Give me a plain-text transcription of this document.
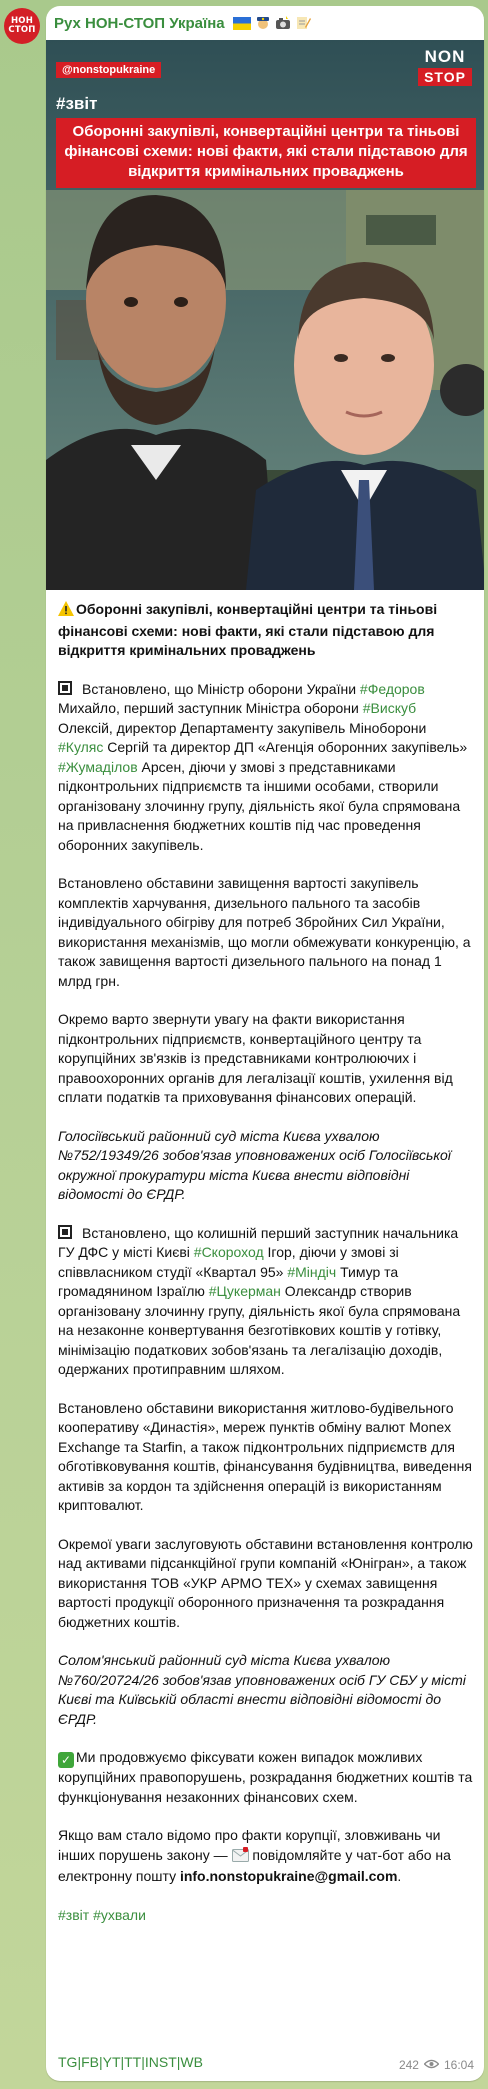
НОН
СТОП Рух НОН-СТОП Україна
@nonstopukraine
#звіт
NON
STOP
Оборонні закупівлі, конвертаційні центри та тіньові фінансові схеми: нові факти, які стали підставою для відкриття кримінальних проваджень

Оборонні закупівлі, конвертаційні центри та тіньові фінансові схеми: нові факти, які стали підставою для відкриття кримінальних проваджень

Встановлено, що Міністр оборони України #Федоров Михайло, перший заступник Міністра оборони #Вискуб Олексій, директор Департаменту закупівель Міноборони #Куляс Сергій та директор ДП «Агенція оборонних закупівель» #Жумаділов Арсен, діючи у змові з представниками підконтрольних підприємств та іншими особами, створили організовану злочинну групу, діяльність якої була спрямована на привласнення бюджетних коштів під час проведення оборонних закупівель.

Встановлено обставини завищення вартості закупівель комплектів харчування, дизельного пального та засобів індивідуального обігріву для потреб Збройних Сил України, використання механізмів, що могли обмежувати конкуренцію, а також завищення вартості дизельного пального на понад 1 млрд грн.

Окремо варто звернути увагу на факти використання підконтрольних підприємств, конвертаційного центру та корупційних зв'язків із представниками контролюючих і правоохоронних органів для легалізації коштів, ухилення від сплати податків та приховування фінансових операцій.

Голосіївський районний суд міста Києва ухвалою №752/19349/26 зобов'язав уповноважених осіб Голосіївської окружної прокуратури міста Києва внести відповідні відомості до ЄРДР.

Встановлено, що колишній перший заступник начальника ГУ ДФС у місті Києві #Скороход Ігор, діючи у змові зі співвласником студії «Квартал 95» #Міндіч Тимур та громадянином Ізраїлю #Цукерман Олександр створив організовану злочинну групу, діяльність якої була спрямована на незаконне конвертування безготівкових коштів у готівку, мінімізацію податкових зобов'язань та легалізацію доходів, одержаних протиправним шляхом.

Встановлено обставини використання житлово-будівельного кооперативу «Династія», мереж пунктів обміну валют Monex Exchange та Starfin, а також підконтрольних підприємств для обготівковування коштів, фінансування будівництва, виведення активів за кордон та здійснення операцій із використанням криптовалют.

Окремої уваги заслуговують обставини встановлення контролю над активами підсанкційної групи компаній «Юнігран», а також використання ТОВ «УКР АРМО ТЕХ» у схемах завищення вартості продукції оборонного призначення та розкрадання бюджетних коштів.

Солом'янський районний суд міста Києва ухвалою №760/20724/26 зобов'язав уповноважених осіб ГУ СБУ у місті Києві та Київській області внести відповідні відомості до ЄРДР.

✓ Ми продовжуємо фіксувати кожен випадок можливих корупційних правопорушень, розкрадання бюджетних коштів та функціонування незаконних фінансових схем.

Якщо вам стало відомо про факти корупції, зловживань чи інших порушень закону —  повідомляйте у чат-бот або на електронну пошту info.nonstopukraine@gmail.com.

#звіт #ухвали

TG|FB|YT|TT|INST|WB	242 16:04
